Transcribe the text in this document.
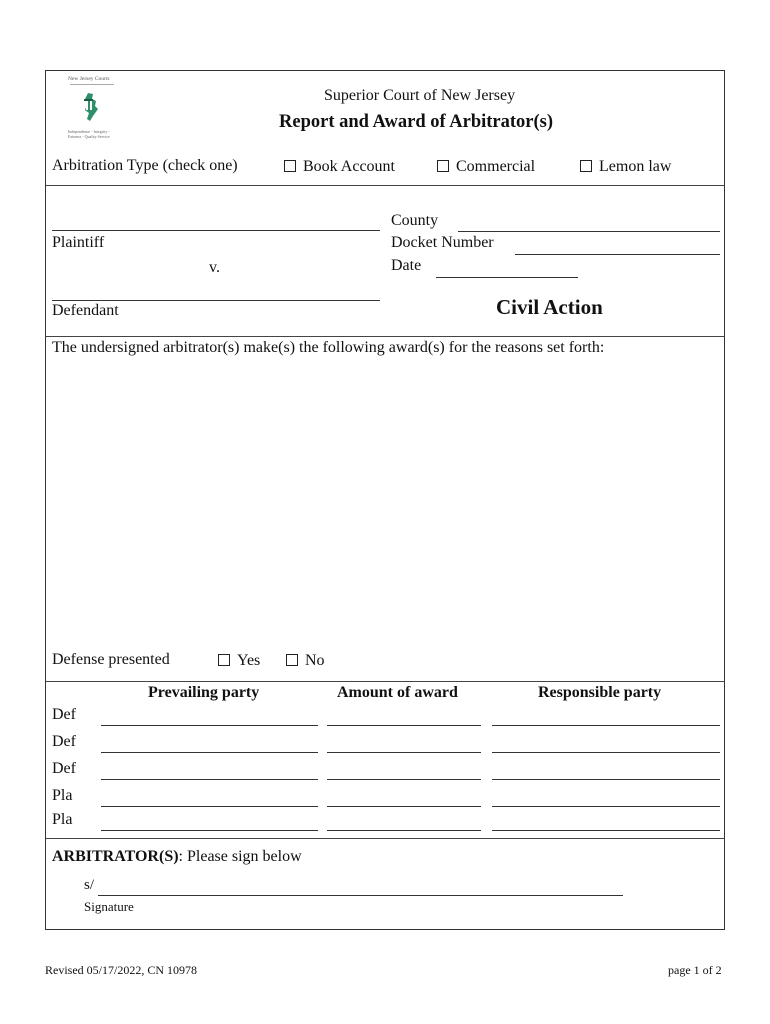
New Jersey Courts
Independence - Integrity - Fairness - Quality Service
Superior Court of New Jersey
Report and Award of Arbitrator(s)
Arbitration Type (check one)	Book Account	Commercial	Lemon law
Plaintiff
v.
Defendant
County
Docket Number
Date
Civil Action
The undersigned arbitrator(s) make(s) the following award(s) for the reasons set forth:
Defense presented	Yes	No
Prevailing party	Amount of award	Responsible party
Def
Def
Def
Pla
Pla
ARBITRATOR(S): Please sign below
s/
Signature
Revised 05/17/2022, CN 10978	page 1 of 2
